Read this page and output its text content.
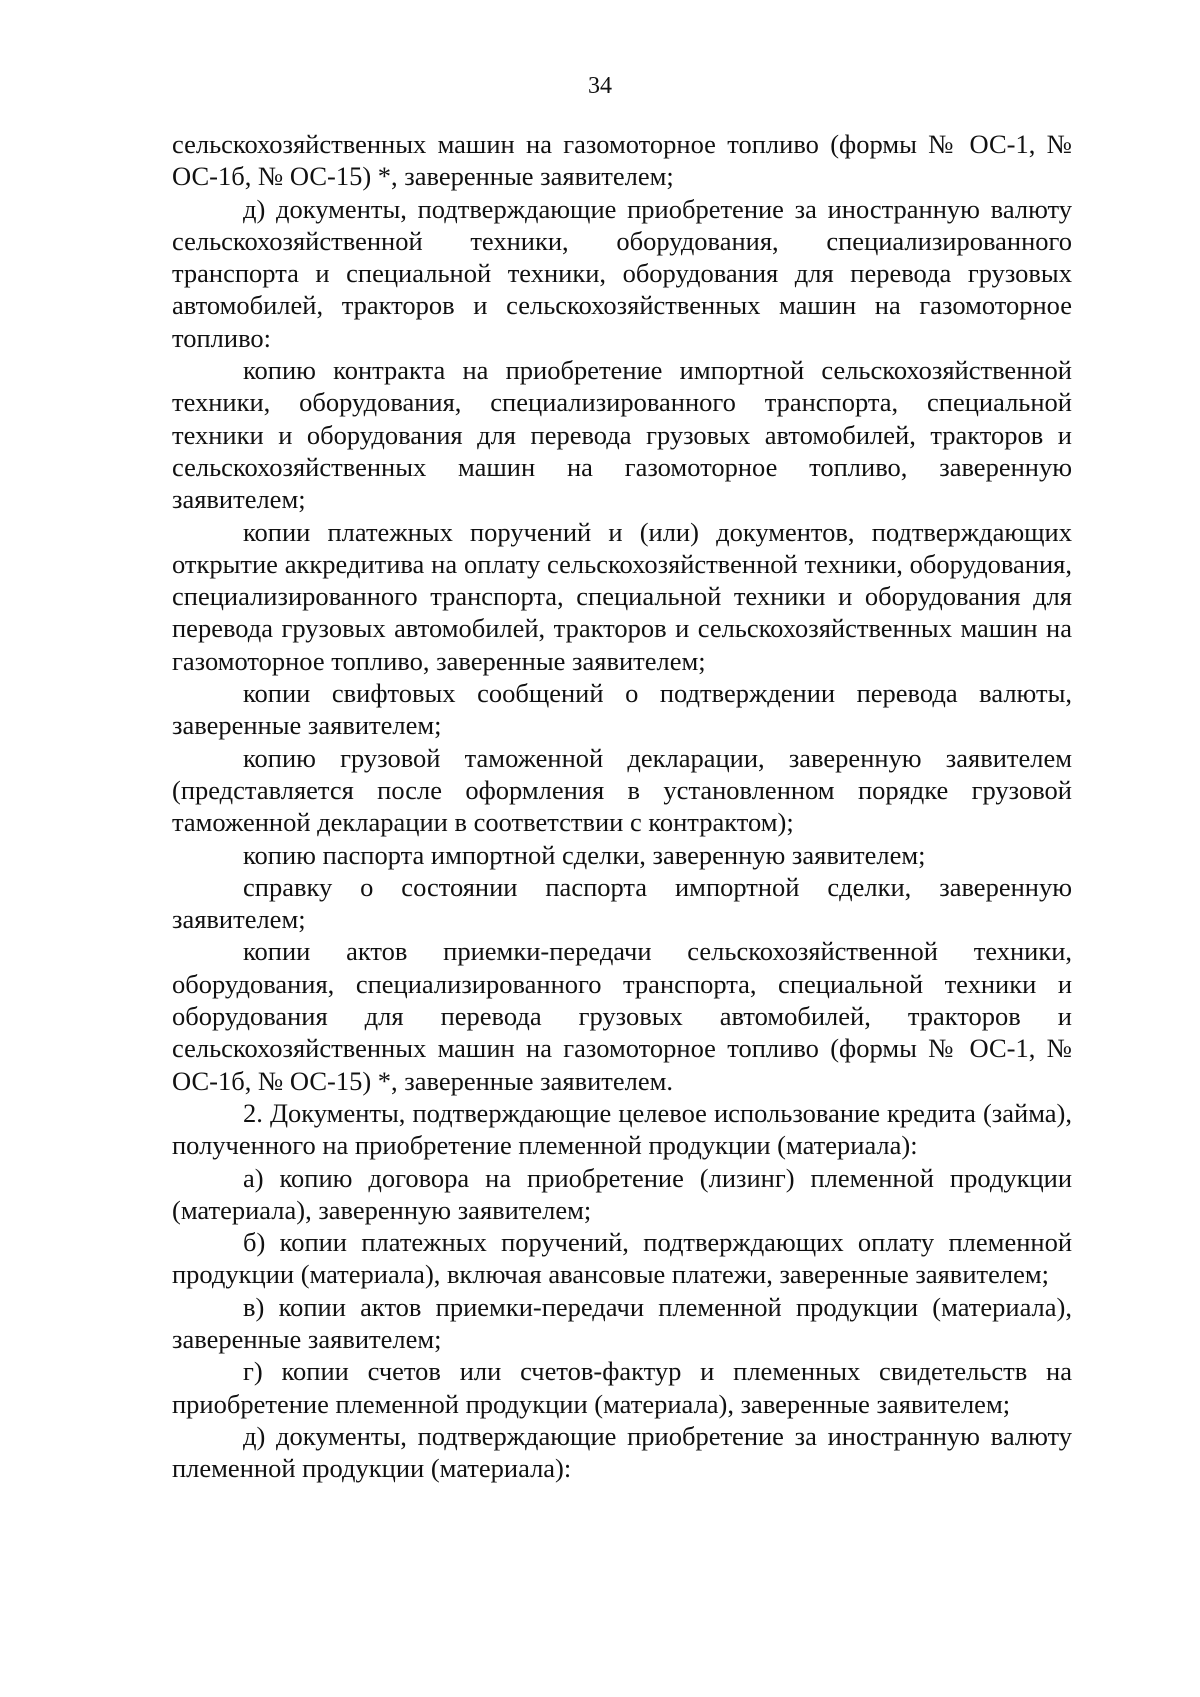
34

сельскохозяйственных машин на газомоторное топливо (формы № ОС-1, № ОС-1б, № ОС-15) *, заверенные заявителем;

д) документы, подтверждающие приобретение за иностранную валюту сельскохозяйственной техники, оборудования, специализированного транспорта и специальной техники, оборудования для перевода грузовых автомобилей, тракторов и сельскохозяйственных машин на газомоторное топливо:

копию контракта на приобретение импортной сельскохозяйственной техники, оборудования, специализированного транспорта, специальной техники и оборудования для перевода грузовых автомобилей, тракторов и сельскохозяйственных машин на газомоторное топливо, заверенную заявителем;

копии платежных поручений и (или) документов, подтверждающих открытие аккредитива на оплату сельскохозяйственной техники, оборудования, специализированного транспорта, специальной техники и оборудования для перевода грузовых автомобилей, тракторов и сельскохозяйственных машин на газомоторное топливо, заверенные заявителем;

копии свифтовых сообщений о подтверждении перевода валюты, заверенные заявителем;

копию грузовой таможенной декларации, заверенную заявителем (представляется после оформления в установленном порядке грузовой таможенной декларации в соответствии с контрактом);

копию паспорта импортной сделки, заверенную заявителем;

справку о состоянии паспорта импортной сделки, заверенную заявителем;

копии актов приемки-передачи сельскохозяйственной техники, оборудования, специализированного транспорта, специальной техники и оборудования для перевода грузовых автомобилей, тракторов и сельскохозяйственных машин на газомоторное топливо (формы № ОС-1, № ОС-1б, № ОС-15) *, заверенные заявителем.

2. Документы, подтверждающие целевое использование кредита (займа), полученного на приобретение племенной продукции (материала):

а) копию договора на приобретение (лизинг) племенной продукции (материала), заверенную заявителем;

б) копии платежных поручений, подтверждающих оплату племенной продукции (материала), включая авансовые платежи, заверенные заявителем;

в) копии актов приемки-передачи племенной продукции (материала), заверенные заявителем;

г) копии счетов или счетов-фактур и племенных свидетельств на приобретение племенной продукции (материала), заверенные заявителем;

д) документы, подтверждающие приобретение за иностранную валюту племенной продукции (материала):
